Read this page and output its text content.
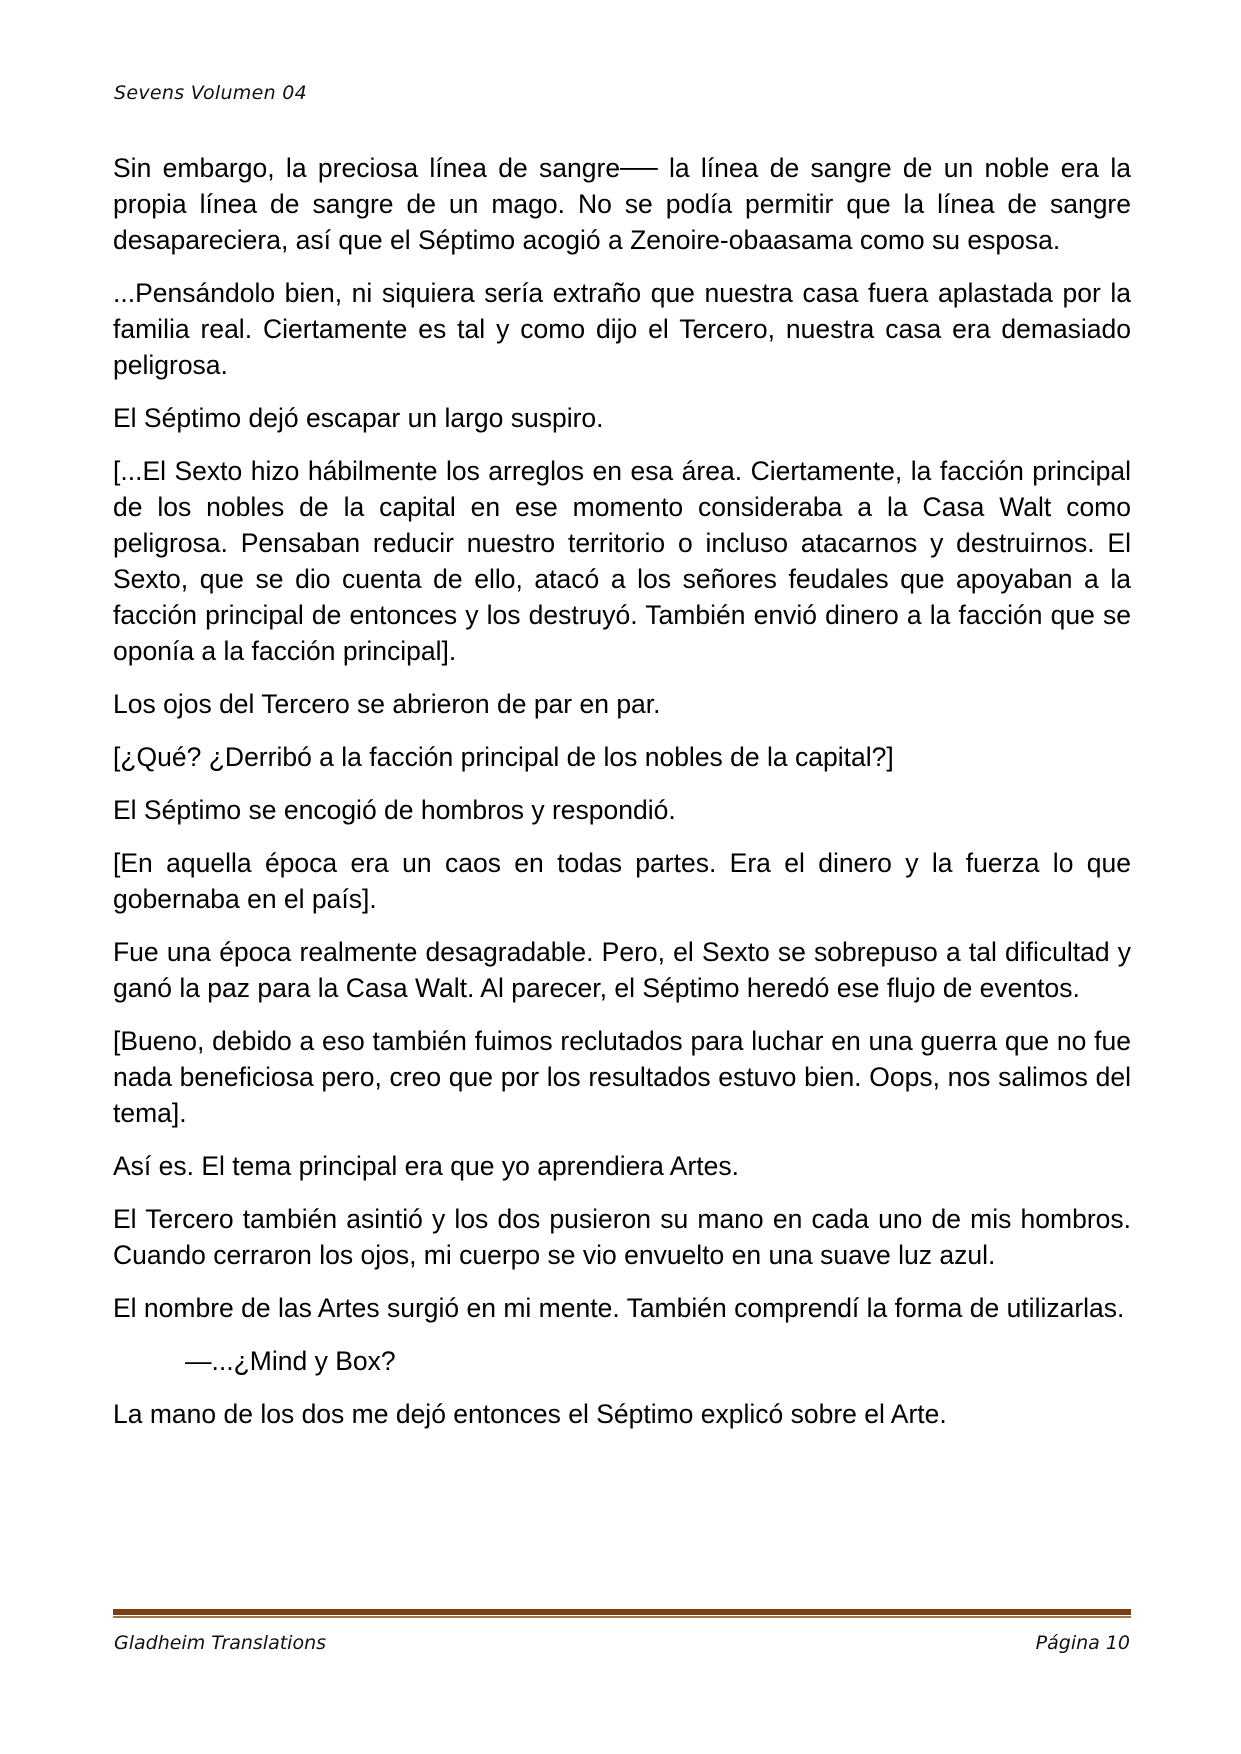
Sevens Volumen 04

Sin embargo, la preciosa línea de sangre── la línea de sangre de un noble era la propia línea de sangre de un mago. No se podía permitir que la línea de sangre desapareciera, así que el Séptimo acogió a Zenoire-obaasama como su esposa.

...Pensándolo bien, ni siquiera sería extraño que nuestra casa fuera aplastada por la familia real. Ciertamente es tal y como dijo el Tercero, nuestra casa era demasiado peligrosa.

El Séptimo dejó escapar un largo suspiro.

[...El Sexto hizo hábilmente los arreglos en esa área. Ciertamente, la facción principal de los nobles de la capital en ese momento consideraba a la Casa Walt como peligrosa. Pensaban reducir nuestro territorio o incluso atacarnos y destruirnos. El Sexto, que se dio cuenta de ello, atacó a los señores feudales que apoyaban a la facción principal de entonces y los destruyó. También envió dinero a la facción que se oponía a la facción principal].

Los ojos del Tercero se abrieron de par en par.

[¿Qué? ¿Derribó a la facción principal de los nobles de la capital?]

El Séptimo se encogió de hombros y respondió.

[En aquella época era un caos en todas partes. Era el dinero y la fuerza lo que gobernaba en el país].

Fue una época realmente desagradable. Pero, el Sexto se sobrepuso a tal dificultad y ganó la paz para la Casa Walt. Al parecer, el Séptimo heredó ese flujo de eventos.

[Bueno, debido a eso también fuimos reclutados para luchar en una guerra que no fue nada beneficiosa pero, creo que por los resultados estuvo bien. Oops, nos salimos del tema].

Así es. El tema principal era que yo aprendiera Artes.

El Tercero también asintió y los dos pusieron su mano en cada uno de mis hombros. Cuando cerraron los ojos, mi cuerpo se vio envuelto en una suave luz azul.

El nombre de las Artes surgió en mi mente. También comprendí la forma de utilizarlas.

—...¿Mind y Box?

La mano de los dos me dejó entonces el Séptimo explicó sobre el Arte.

Gladheim Translations	Página 10
